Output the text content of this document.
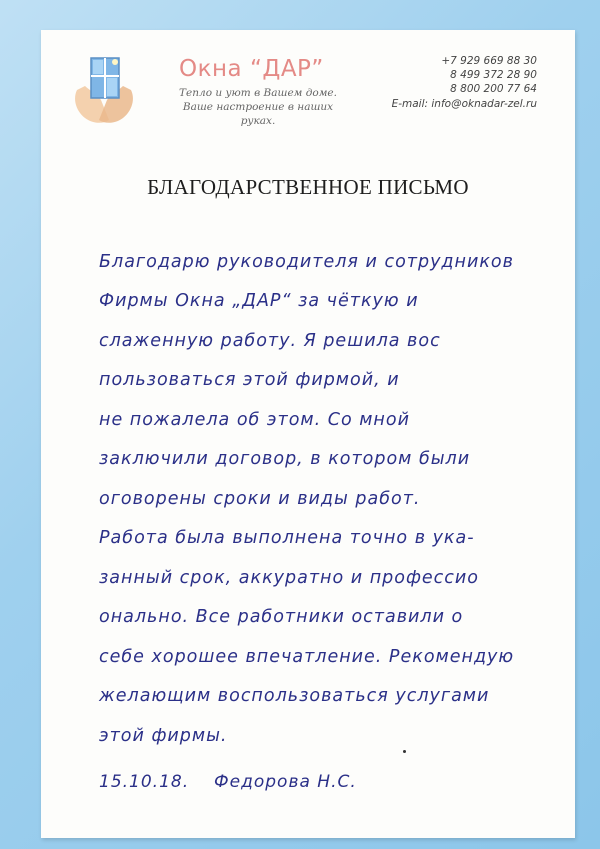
Окна “ДАР”
Тепло и уют в Вашем доме.
Ваше настроение в наших руках.
+7 929 669 88 30
8 499 372 28 90
8 800 200 77 64
E-mail: info@oknadar-zel.ru
БЛАГОДАРСТВЕННОЕ ПИСЬМО
Благодарю руководителя и сотрудников
Фирмы Окна „ДАР“ за чёткую и
слаженную работу. Я решила вос
пользоваться этой фирмой, и
не пожалела об этом. Со мной
заключили договор, в котором были
оговорены сроки и виды работ.
Работа была выполнена точно в ука-
занный срок, аккуратно и профессио
онально. Все работники оставили о
себе хорошее впечатление. Рекомендую
желающим воспользоваться услугами
этой фирмы.
15.10.18. Федорова Н.С.
